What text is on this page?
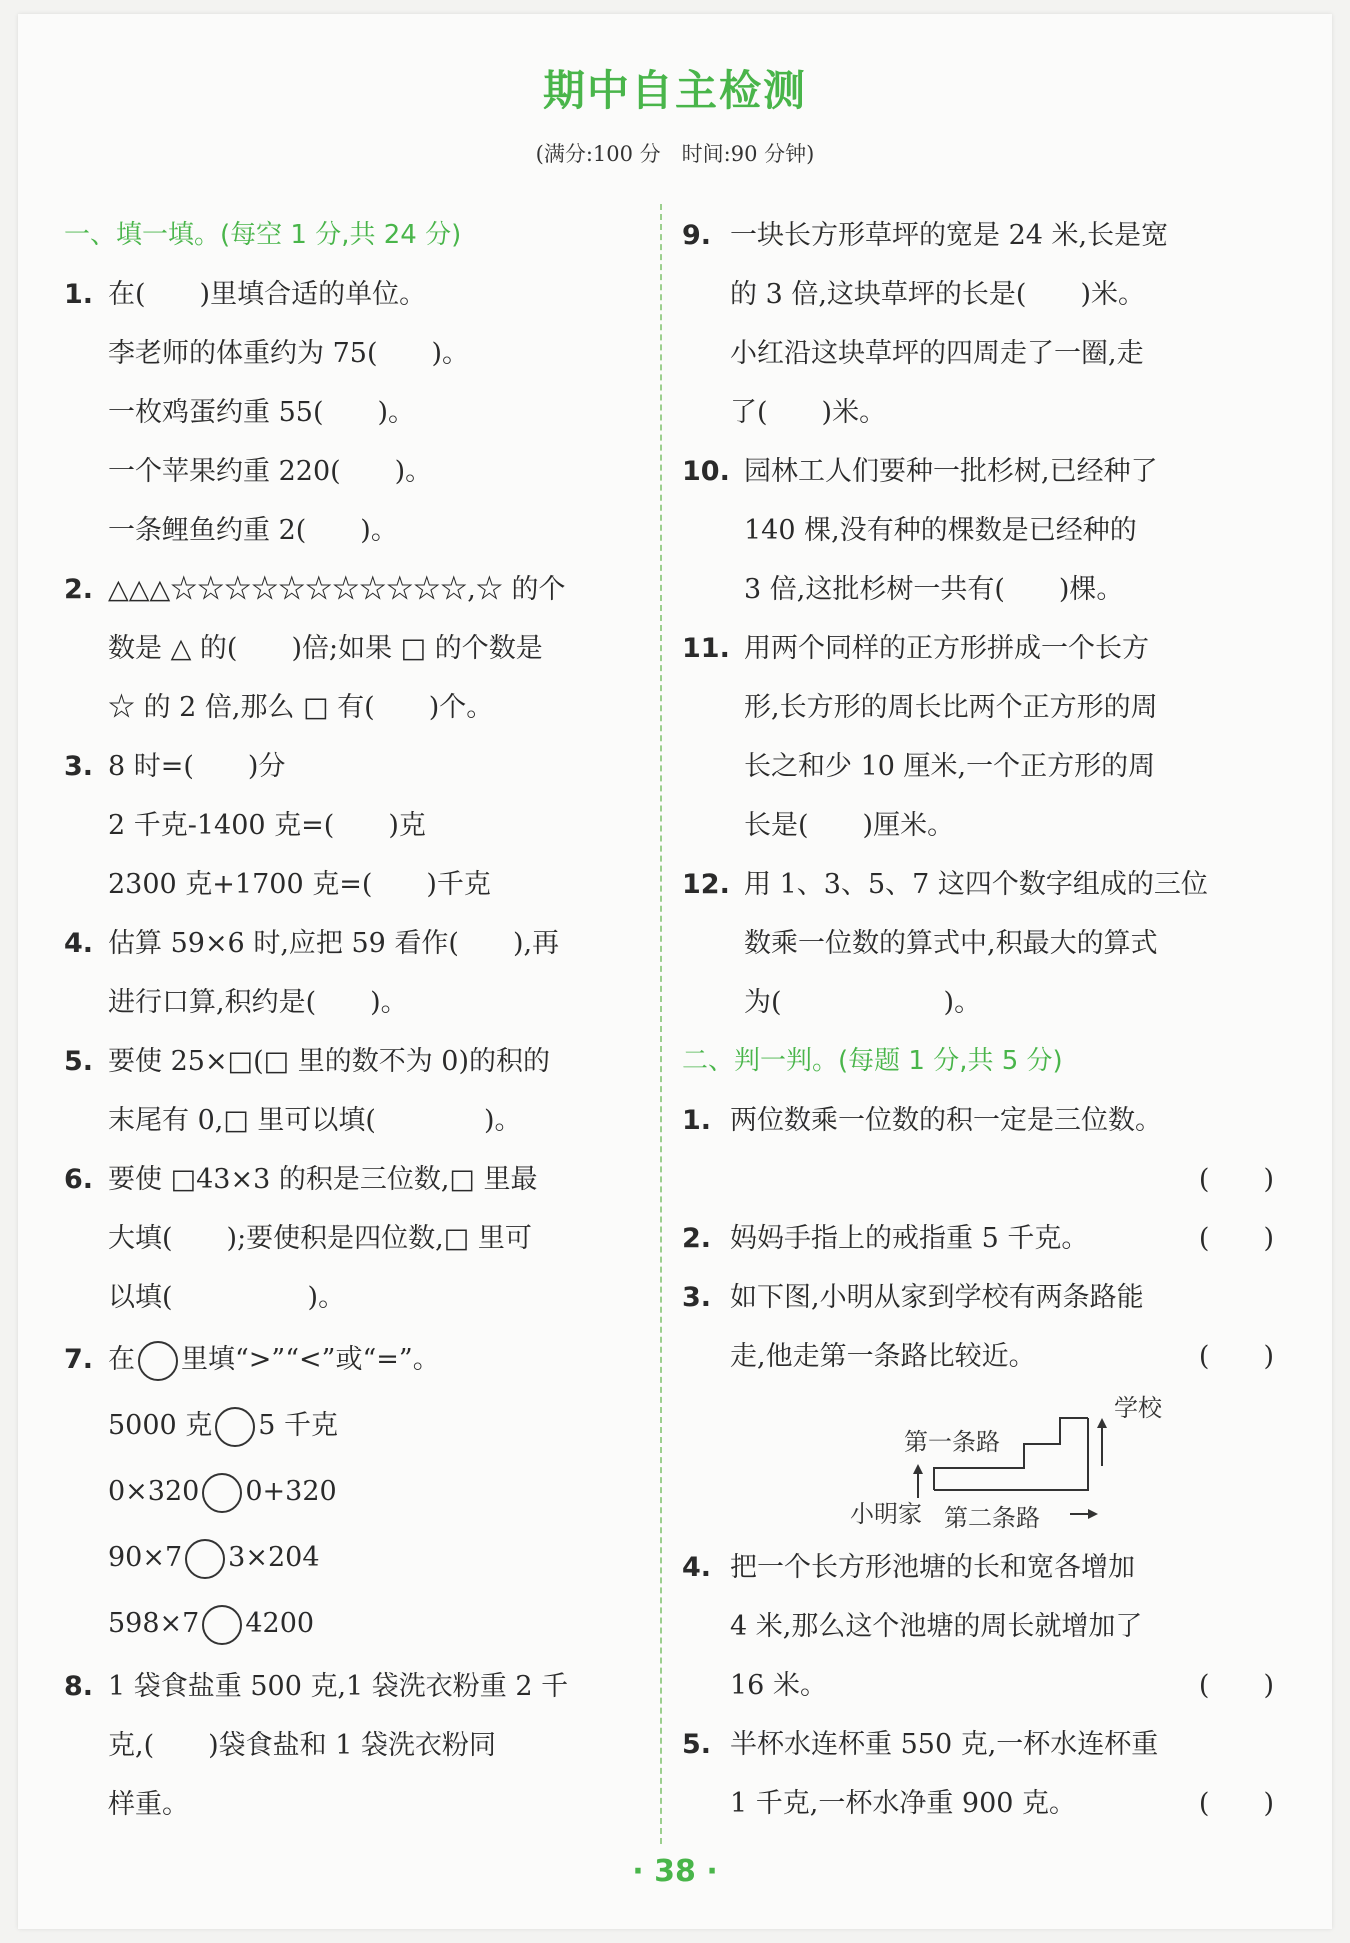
期中自主检测
(满分:100 分　时间:90 分钟)
一、填一填。(每空 1 分,共 24 分)
1. 在(　　)里填合适的单位。
李老师的体重约为 75(　　)。
一枚鸡蛋约重 55(　　)。
一个苹果约重 220(　　)。
一条鲤鱼约重 2(　　)。
2. △△△☆☆☆☆☆☆☆☆☆☆☆,☆ 的个
数是 △ 的(　　)倍;如果 □ 的个数是
☆ 的 2 倍,那么 □ 有(　　)个。
3. 8 时=(　　)分
2 千克-1400 克=(　　)克
2300 克+1700 克=(　　)千克
4. 估算 59×6 时,应把 59 看作(　　),再
进行口算,积约是(　　)。
5. 要使 25×□(□ 里的数不为 0)的积的
末尾有 0,□ 里可以填(　　　　)。
6. 要使 □43×3 的积是三位数,□ 里最
大填(　　);要使积是四位数,□ 里可
以填(　　　　　)。
7. 在 里填“>”“<”或“=”。
5000 克 5 千克
0×320 0+320
90×7 3×204
598×7 4200
8. 1 袋食盐重 500 克,1 袋洗衣粉重 2 千
克,(　　)袋食盐和 1 袋洗衣粉同
样重。
9. 一块长方形草坪的宽是 24 米,长是宽
的 3 倍,这块草坪的长是(　　)米。
小红沿这块草坪的四周走了一圈,走
了(　　)米。
10. 园林工人们要种一批杉树,已经种了
140 棵,没有种的棵数是已经种的
3 倍,这批杉树一共有(　　)棵。
11. 用两个同样的正方形拼成一个长方
形,长方形的周长比两个正方形的周
长之和少 10 厘米,一个正方形的周
长是(　　)厘米。
12. 用 1、3、5、7 这四个数字组成的三位
数乘一位数的算式中,积最大的算式
为(　　　　　　)。
二、判一判。(每题 1 分,共 5 分)
1. 两位数乘一位数的积一定是三位数。
(　　)
2. 妈妈手指上的戒指重 5 千克。	(　　)
3. 如下图,小明从家到学校有两条路能
走,他走第一条路比较近。	(　　)
学校
第一条路
小明家 第二条路
4. 把一个长方形池塘的长和宽各增加
4 米,那么这个池塘的周长就增加了
16 米。	(　　)
5. 半杯水连杯重 550 克,一杯水连杯重
1 千克,一杯水净重 900 克。	(　　)
· 38 ·
